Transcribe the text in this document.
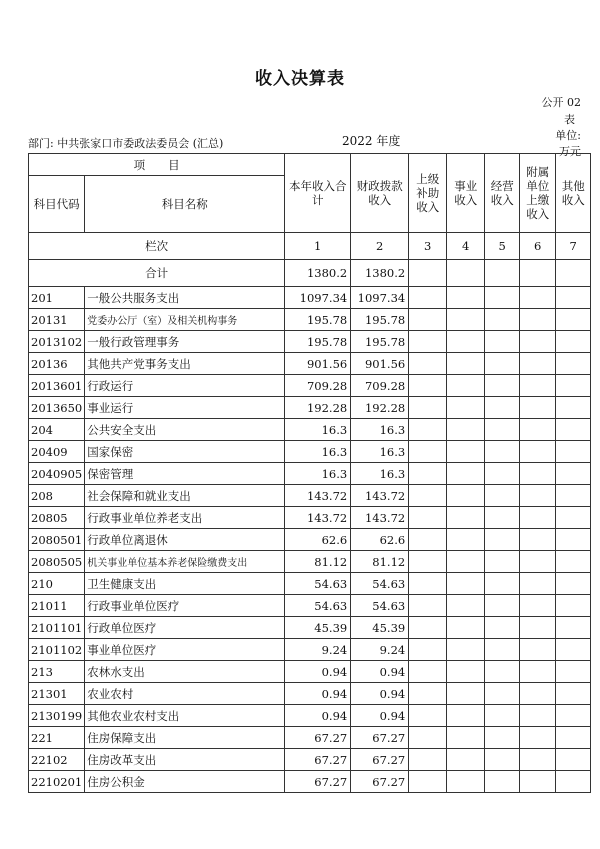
收入决算表
公开 02
表
单位:
万元
部门: 中共张家口市委政法委员会 (汇总)	2022 年度
项　　目		本年收入合计	财政拨款收入	上级补助收入	事业收入	经营收入	附属单位上缴收入	其他收入
科目代码	科目名称							
栏次		1	2	3	4	5	6	7
合计		1380.2	1380.2					
201	一般公共服务支出	1097.34	1097.34					
20131	党委办公厅（室）及相关机构事务	195.78	195.78					
2013102	一般行政管理事务	195.78	195.78					
20136	其他共产党事务支出	901.56	901.56					
2013601	行政运行	709.28	709.28					
2013650	事业运行	192.28	192.28					
204	公共安全支出	16.3	16.3					
20409	国家保密	16.3	16.3					
2040905	保密管理	16.3	16.3					
208	社会保障和就业支出	143.72	143.72					
20805	行政事业单位养老支出	143.72	143.72					
2080501	行政单位离退休	62.6	62.6					
2080505	机关事业单位基本养老保险缴费支出	81.12	81.12					
210	卫生健康支出	54.63	54.63					
21011	行政事业单位医疗	54.63	54.63					
2101101	行政单位医疗	45.39	45.39					
2101102	事业单位医疗	9.24	9.24					
213	农林水支出	0.94	0.94					
21301	农业农村	0.94	0.94					
2130199	其他农业农村支出	0.94	0.94					
221	住房保障支出	67.27	67.27					
22102	住房改革支出	67.27	67.27					
2210201	住房公积金	67.27	67.27					
